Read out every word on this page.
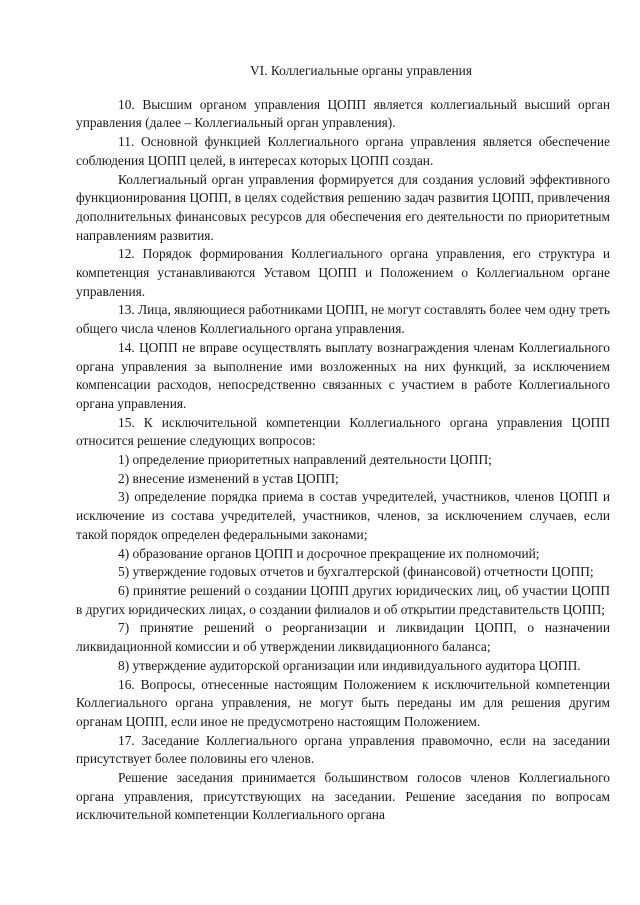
VI. Коллегиальные органы управления

10. Высшим органом управления ЦОПП является коллегиальный высший орган управления (далее – Коллегиальный орган управления).

11. Основной функцией Коллегиального органа управления является обеспечение соблюдения ЦОПП целей, в интересах которых ЦОПП создан.

Коллегиальный орган управления формируется для создания условий эффективного функционирования ЦОПП, в целях содействия решению задач развития ЦОПП, привлечения дополнительных финансовых ресурсов для обеспечения его деятельности по приоритетным направлениям развития.

12. Порядок формирования Коллегиального органа управления, его структура и компетенция устанавливаются Уставом ЦОПП и Положением о Коллегиальном органе управления.

13. Лица, являющиеся работниками ЦОПП, не могут составлять более чем одну треть общего числа членов Коллегиального органа управления.

14. ЦОПП не вправе осуществлять выплату вознаграждения членам Коллегиального органа управления за выполнение ими возложенных на них функций, за исключением компенсации расходов, непосредственно связанных с участием в работе Коллегиального органа управления.

15. К исключительной компетенции Коллегиального органа управления ЦОПП относится решение следующих вопросов:

1) определение приоритетных направлений деятельности ЦОПП;

2) внесение изменений в устав ЦОПП;

3) определение порядка приема в состав учредителей, участников, членов ЦОПП и исключение из состава учредителей, участников, членов, за исключением случаев, если такой порядок определен федеральными законами;

4) образование органов ЦОПП и досрочное прекращение их полномочий;

5) утверждение годовых отчетов и бухгалтерской (финансовой) отчетности ЦОПП;

6) принятие решений о создании ЦОПП других юридических лиц, об участии ЦОПП в других юридических лицах, о создании филиалов и об открытии представительств ЦОПП;

7) принятие решений о реорганизации и ликвидации ЦОПП, о назначении ликвидационной комиссии и об утверждении ликвидационного баланса;

8) утверждение аудиторской организации или индивидуального аудитора ЦОПП.

16. Вопросы, отнесенные настоящим Положением к исключительной компетенции Коллегиального органа управления, не могут быть переданы им для решения другим органам ЦОПП, если иное не предусмотрено настоящим Положением.

17. Заседание Коллегиального органа управления правомочно, если на заседании присутствует более половины его членов.

Решение заседания принимается большинством голосов членов Коллегиального органа управления, присутствующих на заседании. Решение заседания по вопросам исключительной компетенции Коллегиального органа
